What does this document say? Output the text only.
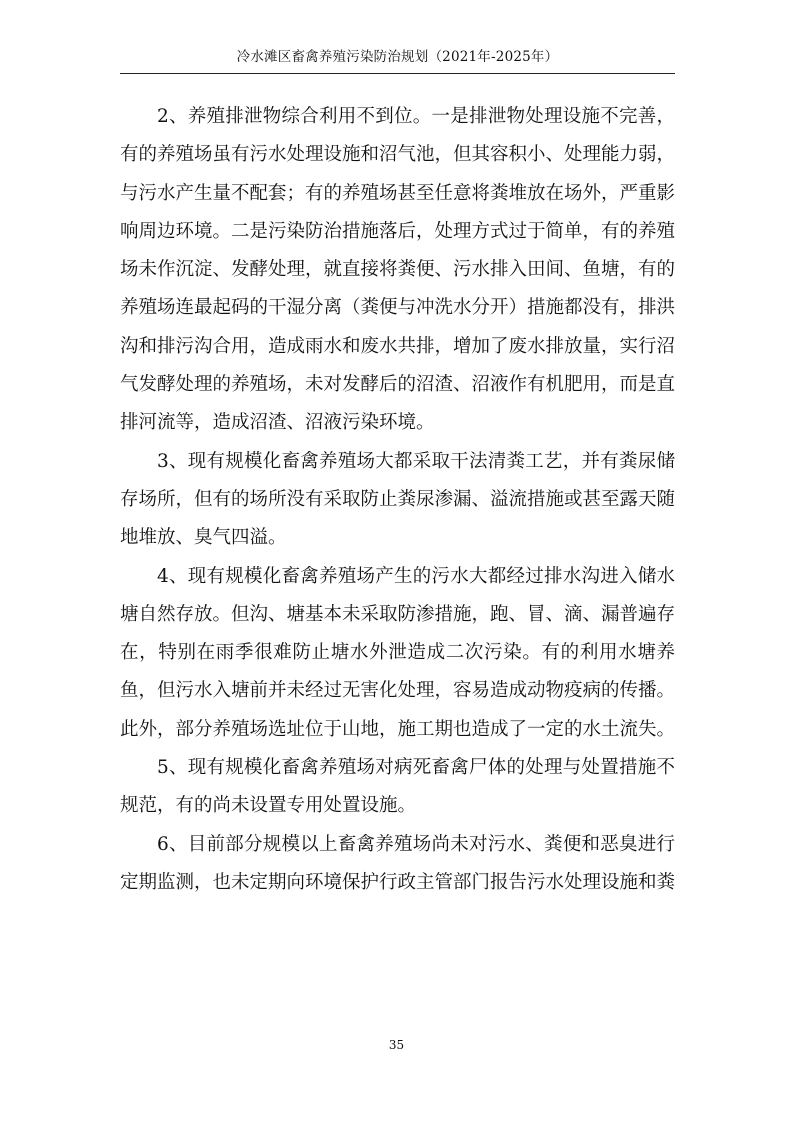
冷水滩区畜禽养殖污染防治规划（2021年-2025年）

2、养殖排泄物综合利用不到位。一是排泄物处理设施不完善，有的养殖场虽有污水处理设施和沼气池，但其容积小、处理能力弱，与污水产生量不配套；有的养殖场甚至任意将粪堆放在场外，严重影响周边环境。二是污染防治措施落后，处理方式过于简单，有的养殖场未作沉淀、发酵处理，就直接将粪便、污水排入田间、鱼塘，有的养殖场连最起码的干湿分离（粪便与冲洗水分开）措施都没有，排洪沟和排污沟合用，造成雨水和废水共排，增加了废水排放量，实行沼气发酵处理的养殖场，未对发酵后的沼渣、沼液作有机肥用，而是直排河流等，造成沼渣、沼液污染环境。

3、现有规模化畜禽养殖场大都采取干法清粪工艺，并有粪尿储存场所，但有的场所没有采取防止粪尿渗漏、溢流措施或甚至露天随地堆放、臭气四溢。

4、现有规模化畜禽养殖场产生的污水大都经过排水沟进入储水塘自然存放。但沟、塘基本未采取防渗措施，跑、冒、滴、漏普遍存在，特别在雨季很难防止塘水外泄造成二次污染。有的利用水塘养鱼，但污水入塘前并未经过无害化处理，容易造成动物疫病的传播。此外，部分养殖场选址位于山地，施工期也造成了一定的水土流失。

5、现有规模化畜禽养殖场对病死畜禽尸体的处理与处置措施不规范，有的尚未设置专用处置设施。

6、目前部分规模以上畜禽养殖场尚未对污水、粪便和恶臭进行定期监测，也未定期向环境保护行政主管部门报告污水处理设施和粪

35
